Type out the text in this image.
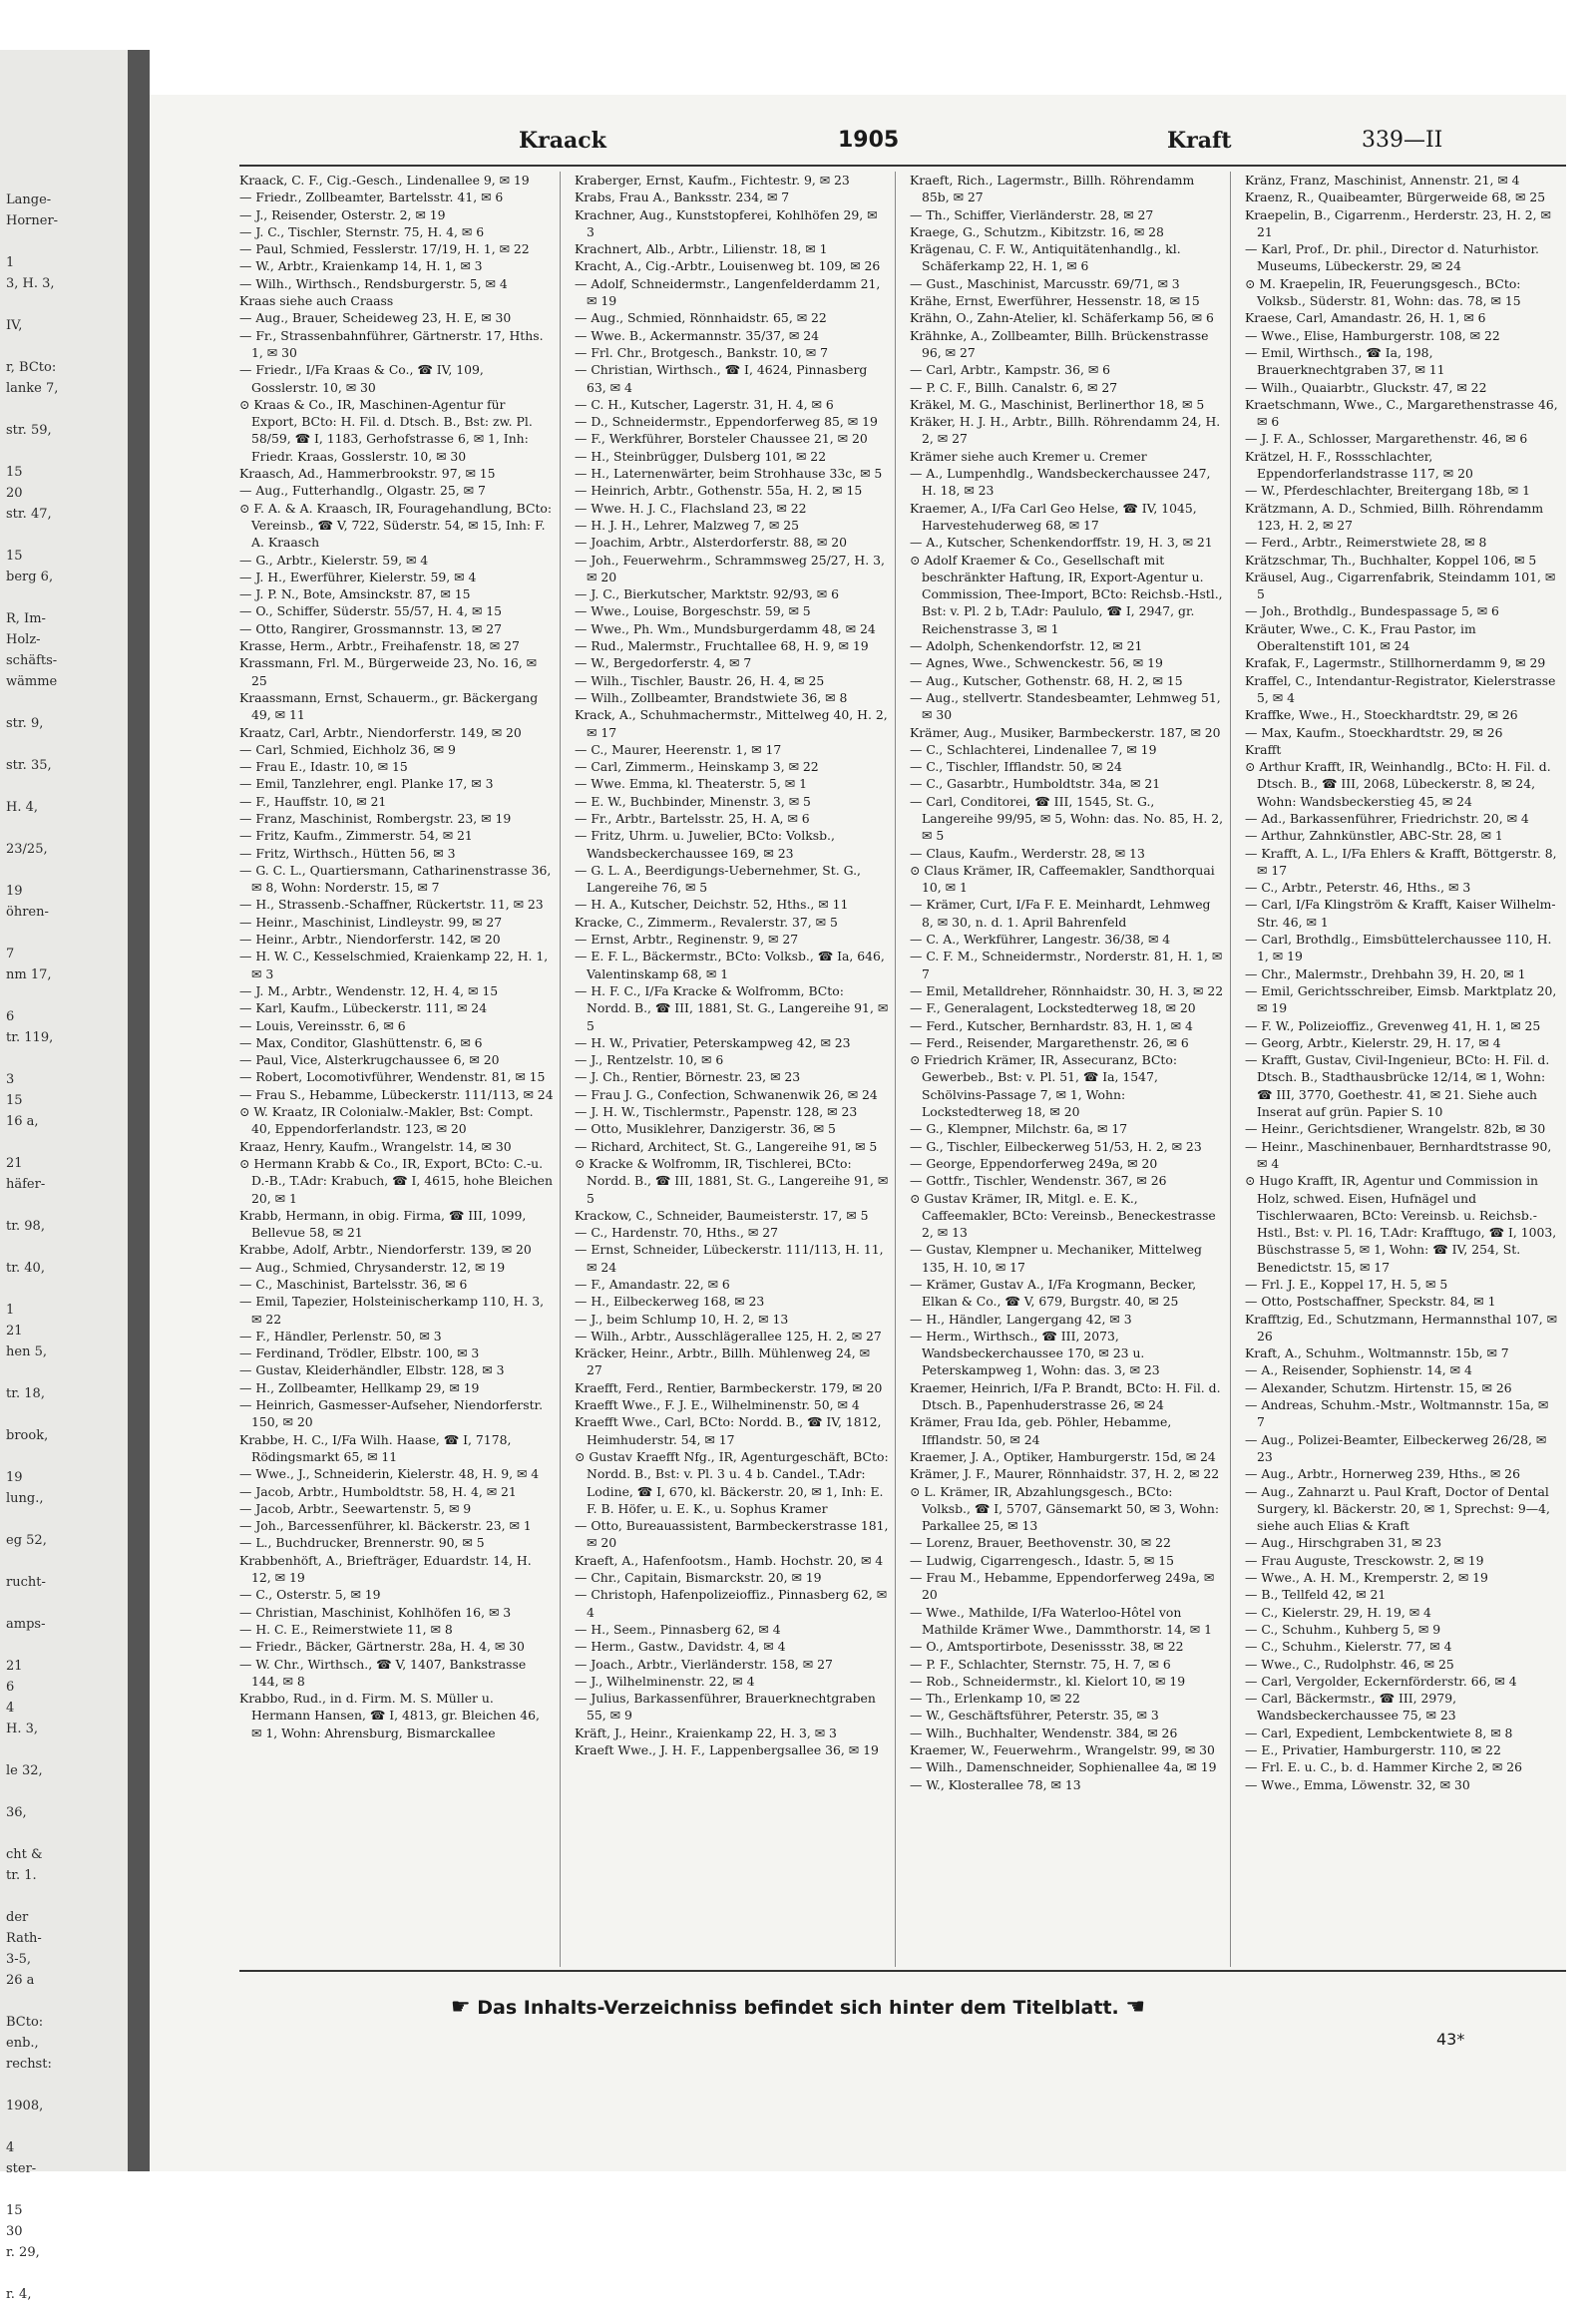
Lange-
Horner-

1
3, H. 3,

IV,

r, BCto:
lanke 7,

str. 59,

15
20
str. 47,

15
berg 6,

R, Im-
Holz-
schäfts-
wämme

str. 9,

str. 35,

H. 4,

23/25,

19
öhren-

7
nm 17,

6
tr. 119,

3
15
16 a,

21
häfer-

tr. 98,

tr. 40,

1
21
hen 5,

tr. 18,

brook,

19
lung.,

eg 52,

rucht-

amps-

21
6
4
H. 3,

le 32,

36,

cht &
tr. 1.

der
Rath-
3-5,
26 a

BCto:
enb.,
rechst:

1908,

4
ster-

15
30
r. 29,

r. 4,
Kraack	1905	Kraft	339—II
Kraack, C. F., Cig.-Gesch., Lindenallee 9, ✉ 19
— Friedr., Zollbeamter, Bartelsstr. 41, ✉ 6
— J., Reisender, Osterstr. 2, ✉ 19
— J. C., Tischler, Sternstr. 75, H. 4, ✉ 6
— Paul, Schmied, Fesslerstr. 17/19, H. 1, ✉ 22
— W., Arbtr., Kraienkamp 14, H. 1, ✉ 3
— Wilh., Wirthsch., Rendsburgerstr. 5, ✉ 4
Kraas siehe auch Craass
— Aug., Brauer, Scheideweg 23, H. E, ✉ 30
— Fr., Strassenbahnführer, Gärtnerstr. 17, Hths. 1, ✉ 30
— Friedr., I/Fa Kraas & Co., ☎ IV, 109, Gosslerstr. 10, ✉ 30
⊙ Kraas & Co., IR, Maschinen-Agentur für Export, BCto: H. Fil. d. Dtsch. B., Bst: zw. Pl. 58/59, ☎ I, 1183, Gerhofstrasse 6, ✉ 1, Inh: Friedr. Kraas, Gosslerstr. 10, ✉ 30
Kraasch, Ad., Hammerbrookstr. 97, ✉ 15
— Aug., Futterhandlg., Olgastr. 25, ✉ 7
⊙ F. A. & A. Kraasch, IR, Fouragehandlung, BCto: Vereinsb., ☎ V, 722, Süderstr. 54, ✉ 15, Inh: F. A. Kraasch
— G., Arbtr., Kielerstr. 59, ✉ 4
— J. H., Ewerführer, Kielerstr. 59, ✉ 4
— J. P. N., Bote, Amsinckstr. 87, ✉ 15
— O., Schiffer, Süderstr. 55/57, H. 4, ✉ 15
— Otto, Rangirer, Grossmannstr. 13, ✉ 27
Krasse, Herm., Arbtr., Freihafenstr. 18, ✉ 27
Krassmann, Frl. M., Bürgerweide 23, No. 16, ✉ 25
Kraassmann, Ernst, Schauerm., gr. Bäckergang 49, ✉ 11
Kraatz, Carl, Arbtr., Niendorferstr. 149, ✉ 20
— Carl, Schmied, Eichholz 36, ✉ 9
— Frau E., Idastr. 10, ✉ 15
— Emil, Tanzlehrer, engl. Planke 17, ✉ 3
— F., Hauffstr. 10, ✉ 21
— Franz, Maschinist, Rombergstr. 23, ✉ 19
— Fritz, Kaufm., Zimmerstr. 54, ✉ 21
— Fritz, Wirthsch., Hütten 56, ✉ 3
— G. C. L., Quartiersmann, Catharinenstrasse 36, ✉ 8, Wohn: Norderstr. 15, ✉ 7
— H., Strassenb.-Schaffner, Rückertstr. 11, ✉ 23
— Heinr., Maschinist, Lindleystr. 99, ✉ 27
— Heinr., Arbtr., Niendorferstr. 142, ✉ 20
— H. W. C., Kesselschmied, Kraienkamp 22, H. 1, ✉ 3
— J. M., Arbtr., Wendenstr. 12, H. 4, ✉ 15
— Karl, Kaufm., Lübeckerstr. 111, ✉ 24
— Louis, Vereinsstr. 6, ✉ 6
— Max, Conditor, Glashüttenstr. 6, ✉ 6
— Paul, Vice, Alsterkrugchaussee 6, ✉ 20
— Robert, Locomotivführer, Wendenstr. 81, ✉ 15
— Frau S., Hebamme, Lübeckerstr. 111/113, ✉ 24
⊙ W. Kraatz, IR Colonialw.-Makler, Bst: Compt. 40, Eppendorferlandstr. 123, ✉ 20
Kraaz, Henry, Kaufm., Wrangelstr. 14, ✉ 30
⊙ Hermann Krabb & Co., IR, Export, BCto: C.-u. D.-B., T.Adr: Krabuch, ☎ I, 4615, hohe Bleichen 20, ✉ 1
Krabb, Hermann, in obig. Firma, ☎ III, 1099, Bellevue 58, ✉ 21
Krabbe, Adolf, Arbtr., Niendorferstr. 139, ✉ 20
— Aug., Schmied, Chrysanderstr. 12, ✉ 19
— C., Maschinist, Bartelsstr. 36, ✉ 6
— Emil, Tapezier, Holsteinischerkamp 110, H. 3, ✉ 22
— F., Händler, Perlenstr. 50, ✉ 3
— Ferdinand, Trödler, Elbstr. 100, ✉ 3
— Gustav, Kleiderhändler, Elbstr. 128, ✉ 3
— H., Zollbeamter, Hellkamp 29, ✉ 19
— Heinrich, Gasmesser-Aufseher, Niendorferstr. 150, ✉ 20
Krabbe, H. C., I/Fa Wilh. Haase, ☎ I, 7178, Rödingsmarkt 65, ✉ 11
— Wwe., J., Schneiderin, Kielerstr. 48, H. 9, ✉ 4
— Jacob, Arbtr., Humboldtstr. 58, H. 4, ✉ 21
— Jacob, Arbtr., Seewartenstr. 5, ✉ 9
— Joh., Barcessenführer, kl. Bäckerstr. 23, ✉ 1
— L., Buchdrucker, Brennerstr. 90, ✉ 5
Krabbenhöft, A., Briefträger, Eduardstr. 14, H. 12, ✉ 19
— C., Osterstr. 5, ✉ 19
— Christian, Maschinist, Kohlhöfen 16, ✉ 3
— H. C. E., Reimerstwiete 11, ✉ 8
— Friedr., Bäcker, Gärtnerstr. 28a, H. 4, ✉ 30
— W. Chr., Wirthsch., ☎ V, 1407, Bankstrasse 144, ✉ 8
Krabbo, Rud., in d. Firm. M. S. Müller u. Hermann Hansen, ☎ I, 4813, gr. Bleichen 46, ✉ 1, Wohn: Ahrensburg, Bismarckallee
Kraberger, Ernst, Kaufm., Fichtestr. 9, ✉ 23
Krabs, Frau A., Banksstr. 234, ✉ 7
Krachner, Aug., Kunststopferei, Kohlhöfen 29, ✉ 3
Krachnert, Alb., Arbtr., Lilienstr. 18, ✉ 1
Kracht, A., Cig.-Arbtr., Louisenweg bt. 109, ✉ 26
— Adolf, Schneidermstr., Langenfelderdamm 21, ✉ 19
— Aug., Schmied, Rönnhaidstr. 65, ✉ 22
— Wwe. B., Ackermannstr. 35/37, ✉ 24
— Frl. Chr., Brotgesch., Bankstr. 10, ✉ 7
— Christian, Wirthsch., ☎ I, 4624, Pinnasberg 63, ✉ 4
— C. H., Kutscher, Lagerstr. 31, H. 4, ✉ 6
— D., Schneidermstr., Eppendorferweg 85, ✉ 19
— F., Werkführer, Borsteler Chaussee 21, ✉ 20
— H., Steinbrügger, Dulsberg 101, ✉ 22
— H., Laternenwärter, beim Strohhause 33c, ✉ 5
— Heinrich, Arbtr., Gothenstr. 55a, H. 2, ✉ 15
— Wwe. H. J. C., Flachsland 23, ✉ 22
— H. J. H., Lehrer, Malzweg 7, ✉ 25
— Joachim, Arbtr., Alsterdorferstr. 88, ✉ 20
— Joh., Feuerwehrm., Schrammsweg 25/27, H. 3, ✉ 20
— J. C., Bierkutscher, Marktstr. 92/93, ✉ 6
— Wwe., Louise, Borgeschstr. 59, ✉ 5
— Wwe., Ph. Wm., Mundsburgerdamm 48, ✉ 24
— Rud., Malermstr., Fruchtallee 68, H. 9, ✉ 19
— W., Bergedorferstr. 4, ✉ 7
— Wilh., Tischler, Baustr. 26, H. 4, ✉ 25
— Wilh., Zollbeamter, Brandstwiete 36, ✉ 8
Krack, A., Schuhmachermstr., Mittelweg 40, H. 2, ✉ 17
— C., Maurer, Heerenstr. 1, ✉ 17
— Carl, Zimmerm., Heinskamp 3, ✉ 22
— Wwe. Emma, kl. Theaterstr. 5, ✉ 1
— E. W., Buchbinder, Minenstr. 3, ✉ 5
— Fr., Arbtr., Bartelsstr. 25, H. A, ✉ 6
— Fritz, Uhrm. u. Juwelier, BCto: Volksb., Wandsbeckerchaussee 169, ✉ 23
— G. L. A., Beerdigungs-Uebernehmer, St. G., Langereihe 76, ✉ 5
— H. A., Kutscher, Deichstr. 52, Hths., ✉ 11
Kracke, C., Zimmerm., Revalerstr. 37, ✉ 5
— Ernst, Arbtr., Reginenstr. 9, ✉ 27
— E. F. L., Bäckermstr., BCto: Volksb., ☎ Ia, 646, Valentinskamp 68, ✉ 1
— H. F. C., I/Fa Kracke & Wolfromm, BCto: Nordd. B., ☎ III, 1881, St. G., Langereihe 91, ✉ 5
— H. W., Privatier, Peterskampweg 42, ✉ 23
— J., Rentzelstr. 10, ✉ 6
— J. Ch., Rentier, Börnestr. 23, ✉ 23
— Frau J. G., Confection, Schwanenwik 26, ✉ 24
— J. H. W., Tischlermstr., Papenstr. 128, ✉ 23
— Otto, Musiklehrer, Danzigerstr. 36, ✉ 5
— Richard, Architect, St. G., Langereihe 91, ✉ 5
⊙ Kracke & Wolfromm, IR, Tischlerei, BCto: Nordd. B., ☎ III, 1881, St. G., Langereihe 91, ✉ 5
Krackow, C., Schneider, Baumeisterstr. 17, ✉ 5
— C., Hardenstr. 70, Hths., ✉ 27
— Ernst, Schneider, Lübeckerstr. 111/113, H. 11, ✉ 24
— F., Amandastr. 22, ✉ 6
— H., Eilbeckerweg 168, ✉ 23
— J., beim Schlump 10, H. 2, ✉ 13
— Wilh., Arbtr., Ausschlägerallee 125, H. 2, ✉ 27
Kräcker, Heinr., Arbtr., Billh. Mühlenweg 24, ✉ 27
Kraefft, Ferd., Rentier, Barmbeckerstr. 179, ✉ 20
Kraefft Wwe., F. J. E., Wilhelminenstr. 50, ✉ 4
Kraefft Wwe., Carl, BCto: Nordd. B., ☎ IV, 1812, Heimhuderstr. 54, ✉ 17
⊙ Gustav Kraefft Nfg., IR, Agenturgeschäft, BCto: Nordd. B., Bst: v. Pl. 3 u. 4 b. Candel., T.Adr: Lodine, ☎ I, 670, kl. Bäckerstr. 20, ✉ 1, Inh: E. F. B. Höfer, u. E. K., u. Sophus Kramer
— Otto, Bureauassistent, Barmbeckerstrasse 181, ✉ 20
Kraeft, A., Hafenfootsm., Hamb. Hochstr. 20, ✉ 4
— Chr., Capitain, Bismarckstr. 20, ✉ 19
— Christoph, Hafenpolizeioffiz., Pinnasberg 62, ✉ 4
— H., Seem., Pinnasberg 62, ✉ 4
— Herm., Gastw., Davidstr. 4, ✉ 4
— Joach., Arbtr., Vierländerstr. 158, ✉ 27
— J., Wilhelminenstr. 22, ✉ 4
— Julius, Barkassenführer, Brauerknechtgraben 55, ✉ 9
Kräft, J., Heinr., Kraienkamp 22, H. 3, ✉ 3
Kraeft Wwe., J. H. F., Lappenbergsallee 36, ✉ 19
Kraeft, Rich., Lagermstr., Billh. Röhrendamm 85b, ✉ 27
— Th., Schiffer, Vierländerstr. 28, ✉ 27
Kraege, G., Schutzm., Kibitzstr. 16, ✉ 28
Krägenau, C. F. W., Antiquitätenhandlg., kl. Schäferkamp 22, H. 1, ✉ 6
— Gust., Maschinist, Marcusstr. 69/71, ✉ 3
Krähe, Ernst, Ewerführer, Hessenstr. 18, ✉ 15
Krähn, O., Zahn-Atelier, kl. Schäferkamp 56, ✉ 6
Krähnke, A., Zollbeamter, Billh. Brückenstrasse 96, ✉ 27
— Carl, Arbtr., Kampstr. 36, ✉ 6
— P. C. F., Billh. Canalstr. 6, ✉ 27
Kräkel, M. G., Maschinist, Berlinerthor 18, ✉ 5
Kräker, H. J. H., Arbtr., Billh. Röhrendamm 24, H. 2, ✉ 27
Krämer siehe auch Kremer u. Cremer
— A., Lumpenhdlg., Wandsbeckerchaussee 247, H. 18, ✉ 23
Kraemer, A., I/Fa Carl Geo Helse, ☎ IV, 1045, Harvestehuderweg 68, ✉ 17
— A., Kutscher, Schenkendorffstr. 19, H. 3, ✉ 21
⊙ Adolf Kraemer & Co., Gesellschaft mit beschränkter Haftung, IR, Export-Agentur u. Commission, Thee-Import, BCto: Reichsb.-Hstl., Bst: v. Pl. 2 b, T.Adr: Paululo, ☎ I, 2947, gr. Reichenstrasse 3, ✉ 1
— Adolph, Schenkendorfstr. 12, ✉ 21
— Agnes, Wwe., Schwenckestr. 56, ✉ 19
— Aug., Kutscher, Gothenstr. 68, H. 2, ✉ 15
— Aug., stellvertr. Standesbeamter, Lehmweg 51, ✉ 30
Krämer, Aug., Musiker, Barmbeckerstr. 187, ✉ 20
— C., Schlachterei, Lindenallee 7, ✉ 19
— C., Tischler, Ifflandstr. 50, ✉ 24
— C., Gasarbtr., Humboldtstr. 34a, ✉ 21
— Carl, Conditorei, ☎ III, 1545, St. G., Langereihe 99/95, ✉ 5, Wohn: das. No. 85, H. 2, ✉ 5
— Claus, Kaufm., Werderstr. 28, ✉ 13
⊙ Claus Krämer, IR, Caffeemakler, Sandthorquai 10, ✉ 1
— Krämer, Curt, I/Fa F. E. Meinhardt, Lehmweg 8, ✉ 30, n. d. 1. April Bahrenfeld
— C. A., Werkführer, Langestr. 36/38, ✉ 4
— C. F. M., Schneidermstr., Norderstr. 81, H. 1, ✉ 7
— Emil, Metalldreher, Rönnhaidstr. 30, H. 3, ✉ 22
— F., Generalagent, Lockstedterweg 18, ✉ 20
— Ferd., Kutscher, Bernhardstr. 83, H. 1, ✉ 4
— Ferd., Reisender, Margarethenstr. 26, ✉ 6
⊙ Friedrich Krämer, IR, Assecuranz, BCto: Gewerbeb., Bst: v. Pl. 51, ☎ Ia, 1547, Schölvins-Passage 7, ✉ 1, Wohn: Lockstedterweg 18, ✉ 20
— G., Klempner, Milchstr. 6a, ✉ 17
— G., Tischler, Eilbeckerweg 51/53, H. 2, ✉ 23
— George, Eppendorferweg 249a, ✉ 20
— Gottfr., Tischler, Wendenstr. 367, ✉ 26
⊙ Gustav Krämer, IR, Mitgl. e. E. K., Caffeemakler, BCto: Vereinsb., Beneckestrasse 2, ✉ 13
— Gustav, Klempner u. Mechaniker, Mittelweg 135, H. 10, ✉ 17
— Krämer, Gustav A., I/Fa Krogmann, Becker, Elkan & Co., ☎ V, 679, Burgstr. 40, ✉ 25
— H., Händler, Langergang 42, ✉ 3
— Herm., Wirthsch., ☎ III, 2073, Wandsbeckerchaussee 170, ✉ 23 u. Peterskampweg 1, Wohn: das. 3, ✉ 23
Kraemer, Heinrich, I/Fa P. Brandt, BCto: H. Fil. d. Dtsch. B., Papenhuderstrasse 26, ✉ 24
Krämer, Frau Ida, geb. Pöhler, Hebamme, Ifflandstr. 50, ✉ 24
Kraemer, J. A., Optiker, Hamburgerstr. 15d, ✉ 24
Krämer, J. F., Maurer, Rönnhaidstr. 37, H. 2, ✉ 22
⊙ L. Krämer, IR, Abzahlungsgesch., BCto: Volksb., ☎ I, 5707, Gänsemarkt 50, ✉ 3, Wohn: Parkallee 25, ✉ 13
— Lorenz, Brauer, Beethovenstr. 30, ✉ 22
— Ludwig, Cigarrengesch., Idastr. 5, ✉ 15
— Frau M., Hebamme, Eppendorferweg 249a, ✉ 20
— Wwe., Mathilde, I/Fa Waterloo-Hôtel von Mathilde Krämer Wwe., Dammthorstr. 14, ✉ 1
— O., Amtsportirbote, Desenissstr. 38, ✉ 22
— P. F., Schlachter, Sternstr. 75, H. 7, ✉ 6
— Rob., Schneidermstr., kl. Kielort 10, ✉ 19
— Th., Erlenkamp 10, ✉ 22
— W., Geschäftsführer, Peterstr. 35, ✉ 3
— Wilh., Buchhalter, Wendenstr. 384, ✉ 26
Kraemer, W., Feuerwehrm., Wrangelstr. 99, ✉ 30
— Wilh., Damenschneider, Sophienallee 4a, ✉ 19
— W., Klosterallee 78, ✉ 13
Kränz, Franz, Maschinist, Annenstr. 21, ✉ 4
Kraenz, R., Quaibeamter, Bürgerweide 68, ✉ 25
Kraepelin, B., Cigarrenm., Herderstr. 23, H. 2, ✉ 21
— Karl, Prof., Dr. phil., Director d. Naturhistor. Museums, Lübeckerstr. 29, ✉ 24
⊙ M. Kraepelin, IR, Feuerungsgesch., BCto: Volksb., Süderstr. 81, Wohn: das. 78, ✉ 15
Kraese, Carl, Amandastr. 26, H. 1, ✉ 6
— Wwe., Elise, Hamburgerstr. 108, ✉ 22
— Emil, Wirthsch., ☎ Ia, 198, Brauerknechtgraben 37, ✉ 11
— Wilh., Quaiarbtr., Gluckstr. 47, ✉ 22
Kraetschmann, Wwe., C., Margarethenstrasse 46, ✉ 6
— J. F. A., Schlosser, Margarethenstr. 46, ✉ 6
Krätzel, H. F., Rossschlachter, Eppendorferlandstrasse 117, ✉ 20
— W., Pferdeschlachter, Breitergang 18b, ✉ 1
Krätzmann, A. D., Schmied, Billh. Röhrendamm 123, H. 2, ✉ 27
— Ferd., Arbtr., Reimerstwiete 28, ✉ 8
Krätzschmar, Th., Buchhalter, Koppel 106, ✉ 5
Kräusel, Aug., Cigarrenfabrik, Steindamm 101, ✉ 5
— Joh., Brothdlg., Bundespassage 5, ✉ 6
Kräuter, Wwe., C. K., Frau Pastor, im Oberaltenstift 101, ✉ 24
Krafak, F., Lagermstr., Stillhornerdamm 9, ✉ 29
Kraffel, C., Intendantur-Registrator, Kielerstrasse 5, ✉ 4
Kraffke, Wwe., H., Stoeckhardtstr. 29, ✉ 26
— Max, Kaufm., Stoeckhardtstr. 29, ✉ 26
Krafft
⊙ Arthur Krafft, IR, Weinhandlg., BCto: H. Fil. d. Dtsch. B., ☎ III, 2068, Lübeckerstr. 8, ✉ 24, Wohn: Wandsbeckerstieg 45, ✉ 24
— Ad., Barkassenführer, Friedrichstr. 20, ✉ 4
— Arthur, Zahnkünstler, ABC-Str. 28, ✉ 1
— Krafft, A. L., I/Fa Ehlers & Krafft, Böttgerstr. 8, ✉ 17
— C., Arbtr., Peterstr. 46, Hths., ✉ 3
— Carl, I/Fa Klingström & Krafft, Kaiser Wilhelm-Str. 46, ✉ 1
— Carl, Brothdlg., Eimsbüttelerchaussee 110, H. 1, ✉ 19
— Chr., Malermstr., Drehbahn 39, H. 20, ✉ 1
— Emil, Gerichtsschreiber, Eimsb. Marktplatz 20, ✉ 19
— F. W., Polizeioffiz., Grevenweg 41, H. 1, ✉ 25
— Georg, Arbtr., Kielerstr. 29, H. 17, ✉ 4
— Krafft, Gustav, Civil-Ingenieur, BCto: H. Fil. d. Dtsch. B., Stadthausbrücke 12/14, ✉ 1, Wohn: ☎ III, 3770, Goethestr. 41, ✉ 21. Siehe auch Inserat auf grün. Papier S. 10
— Heinr., Gerichtsdiener, Wrangelstr. 82b, ✉ 30
— Heinr., Maschinenbauer, Bernhardtstrasse 90, ✉ 4
⊙ Hugo Krafft, IR, Agentur und Commission in Holz, schwed. Eisen, Hufnägel und Tischlerwaaren, BCto: Vereinsb. u. Reichsb.-Hstl., Bst: v. Pl. 16, T.Adr: Krafftugo, ☎ I, 1003, Büschstrasse 5, ✉ 1, Wohn: ☎ IV, 254, St. Benedictstr. 15, ✉ 17
— Frl. J. E., Koppel 17, H. 5, ✉ 5
— Otto, Postschaffner, Speckstr. 84, ✉ 1
Krafftzig, Ed., Schutzmann, Hermannsthal 107, ✉ 26
Kraft, A., Schuhm., Woltmannstr. 15b, ✉ 7
— A., Reisender, Sophienstr. 14, ✉ 4
— Alexander, Schutzm. Hirtenstr. 15, ✉ 26
— Andreas, Schuhm.-Mstr., Woltmannstr. 15a, ✉ 7
— Aug., Polizei-Beamter, Eilbeckerweg 26/28, ✉ 23
— Aug., Arbtr., Hornerweg 239, Hths., ✉ 26
— Aug., Zahnarzt u. Paul Kraft, Doctor of Dental Surgery, kl. Bäckerstr. 20, ✉ 1, Sprechst: 9—4, siehe auch Elias & Kraft
— Aug., Hirschgraben 31, ✉ 23
— Frau Auguste, Tresckowstr. 2, ✉ 19
— Wwe., A. H. M., Kremperstr. 2, ✉ 19
— B., Tellfeld 42, ✉ 21
— C., Kielerstr. 29, H. 19, ✉ 4
— C., Schuhm., Kuhberg 5, ✉ 9
— C., Schuhm., Kielerstr. 77, ✉ 4
— Wwe., C., Rudolphstr. 46, ✉ 25
— Carl, Vergolder, Eckernförderstr. 66, ✉ 4
— Carl, Bäckermstr., ☎ III, 2979, Wandsbeckerchaussee 75, ✉ 23
— Carl, Expedient, Lembckentwiete 8, ✉ 8
— E., Privatier, Hamburgerstr. 110, ✉ 22
— Frl. E. u. C., b. d. Hammer Kirche 2, ✉ 26
— Wwe., Emma, Löwenstr. 32, ✉ 30
☛ Das Inhalts-Verzeichniss befindet sich hinter dem Titelblatt. ☚
43*
